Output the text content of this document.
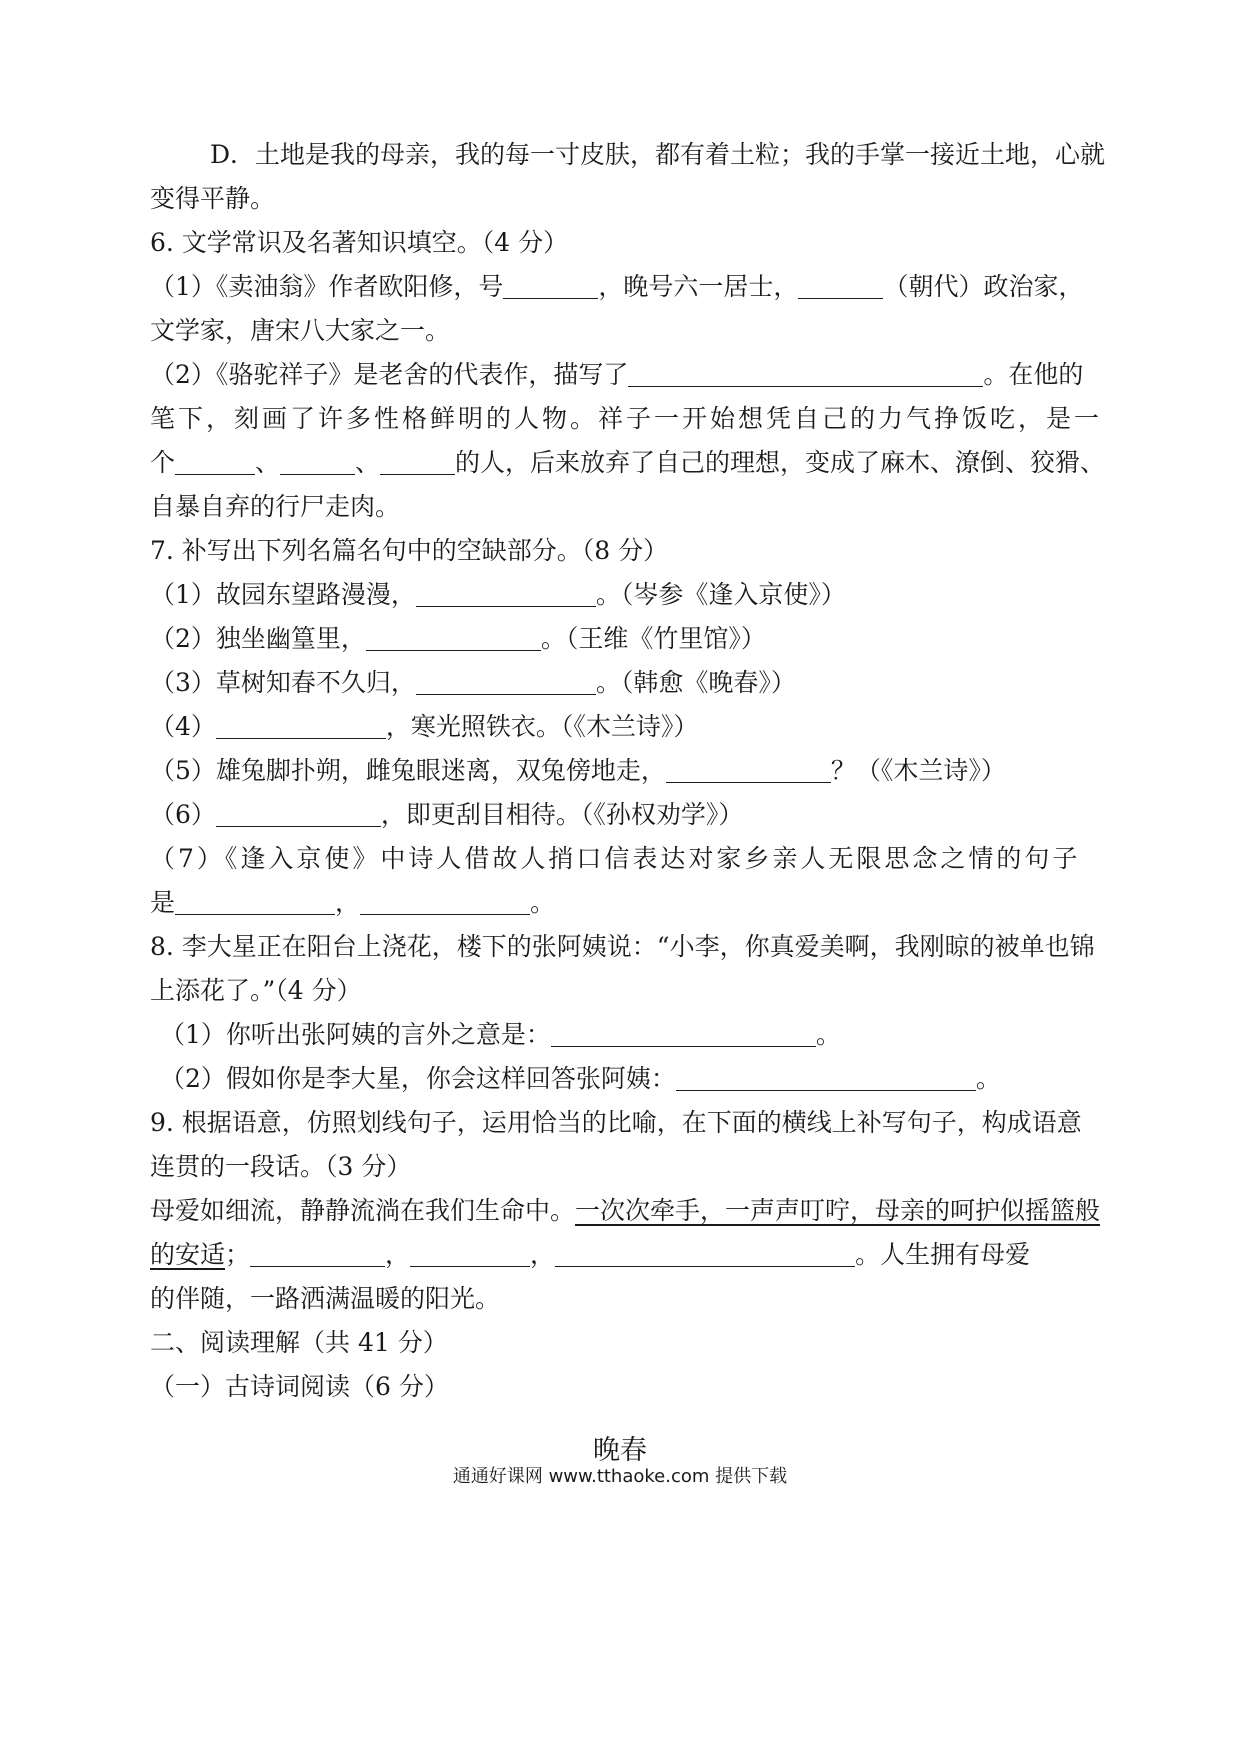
D．土地是我的母亲，我的每一寸皮肤，都有着土粒；我的手掌一接近土地，心就
变得平静。
6. 文学常识及名著知识填空。（4 分）
（1）《卖油翁》作者欧阳修，号	，晚号六一居士，	（朝代）政治家，
文学家，唐宋八大家之一。
（2）《骆驼祥子》是老舍的代表作，描写了	。在他的
笔下，刻画了许多性格鲜明的人物。祥子一开始想凭自己的力气挣饭吃，是一
个	、	、	的人，后来放弃了自己的理想，变成了麻木、潦倒、狡猾、
自暴自弃的行尸走肉。
7. 补写出下列名篇名句中的空缺部分。（8 分）
（1）故园东望路漫漫，	。（岑参《逢入京使》）
（2）独坐幽篁里，	。（王维《竹里馆》）
（3）草树知春不久归，	。（韩愈《晚春》）
（4）	，寒光照铁衣。（《木兰诗》）
（5）雄兔脚扑朔，雌兔眼迷离，双兔傍地走，	？（《木兰诗》）
（6）	，即更刮目相待。（《孙权劝学》）
（7）《逢入京使》中诗人借故人捎口信表达对家乡亲人无限思念之情的句子
是	，	。
8. 李大星正在阳台上浇花，楼下的张阿姨说：“小李，你真爱美啊，我刚晾的被单也锦
上添花了。”（4 分）
（1）你听出张阿姨的言外之意是：	。
（2）假如你是李大星，你会这样回答张阿姨：	。
9. 根据语意，仿照划线句子，运用恰当的比喻，在下面的横线上补写句子，构成语意
连贯的一段话。（3 分）
母爱如细流，静静流淌在我们生命中。一次次牵手，一声声叮咛，母亲的呵护似摇篮般
的安适；	，	，	。人生拥有母爱
的伴随，一路洒满温暖的阳光。
二、阅读理解（共 41 分）
（一）古诗词阅读（6 分）
晚春
通通好课网 www.tthaoke.com 提供下载
